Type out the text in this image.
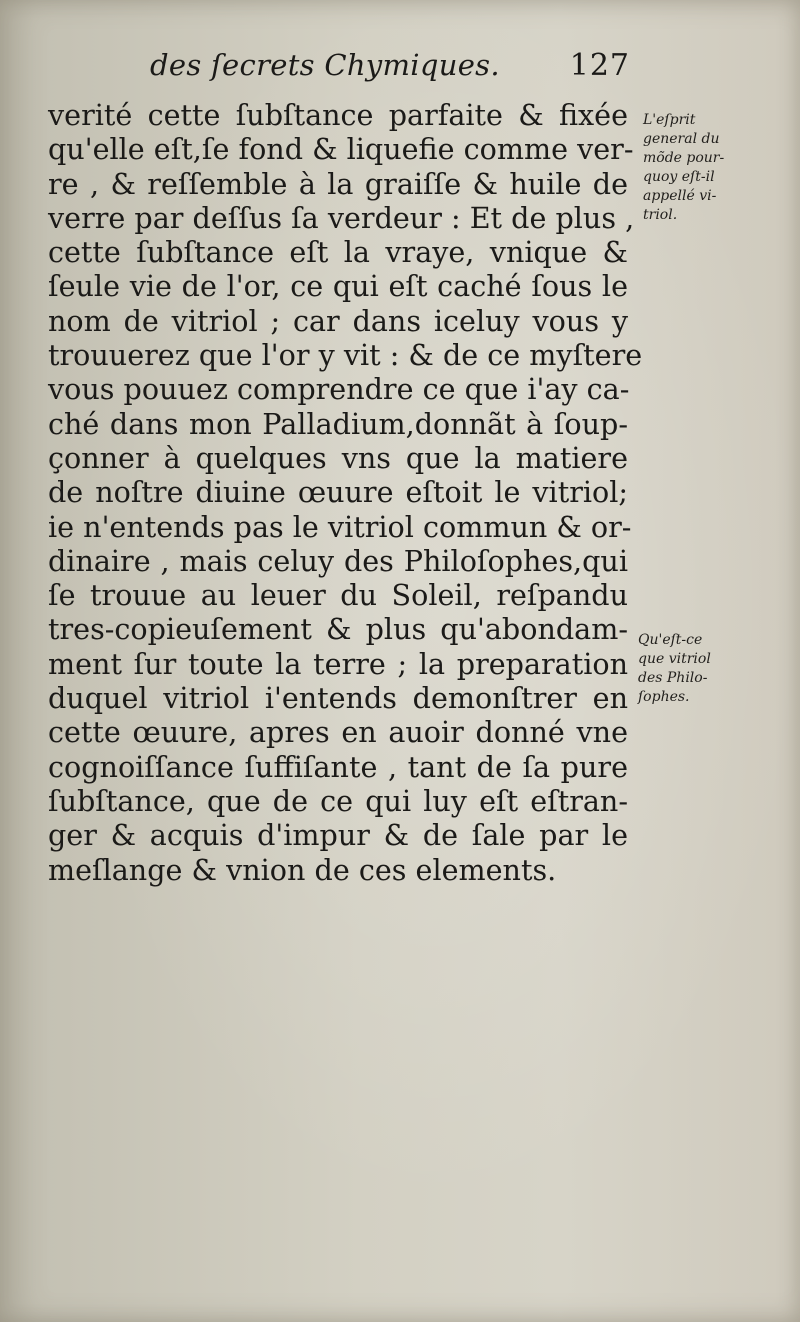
des ſecrets Chymiques. 127
verité cette ſubſtance parfaite & fixée
qu'elle eſt,ſe fond & liquefie comme ver-
re , & reſſemble à la graiſſe & huile de
verre par deſſus ſa verdeur : Et de plus ,
cette ſubſtance eſt la vraye, vnique &
ſeule vie de l'or, ce qui eſt caché ſous le
nom de vitriol ; car dans iceluy vous y
trouuerez que l'or y vit : & de ce myſtere
vous pouuez comprendre ce que i'ay ca-
ché dans mon Palladium,donnãt à ſoup-
çonner à quelques vns que la matiere
de noſtre diuine œuure eſtoit le vitriol;
ie n'entends pas le vitriol commun & or-
dinaire , mais celuy des Philoſophes,qui
ſe trouue au leuer du Soleil, reſpandu
tres-copieuſement & plus qu'abondam-
ment ſur toute la terre ; la preparation
duquel vitriol i'entends demonſtrer en
cette œuure, apres en auoir donné vne
cognoiſſance ſuffiſante , tant de ſa pure
ſubſtance, que de ce qui luy eſt eſtran-
ger & acquis d'impur & de ſale par le
meſlange & vnion de ces elements.
L'eſprit
general du
mõde pour-
quoy eſt-il
appellé vi-
triol.
Qu'eſt-ce
que vitriol
des Philo-
ſophes.
